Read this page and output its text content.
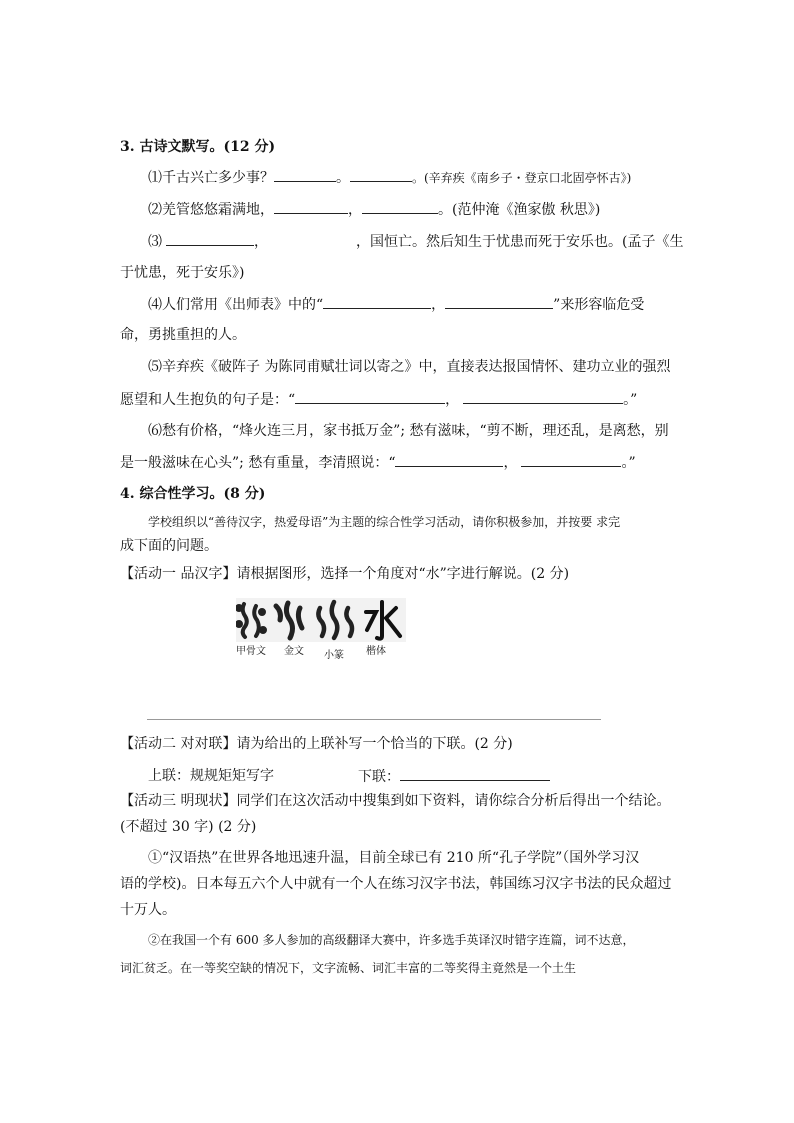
3. 古诗文默写。(12 分)
⑴千古兴亡多少事？	。	。(辛弃疾《南乡子・登京口北固亭怀古》)
⑵羌管悠悠霜满地，	，	。(范仲淹《渔家傲 秋思》)
⑶	，	，国恒亡。然后知生于忧患而死于安乐也。(孟子《生
于忧患，死于安乐》)
⑷人们常用《出师表》中的“	，	”来形容临危受
命，勇挑重担的人。
⑸辛弃疾《破阵子 为陈同甫赋壮词以寄之》中，直接表达报国情怀、建功立业的强烈
愿望和人生抱负的句子是：“	，	。”
⑹愁有价格，“烽火连三月，家书抵万金”; 愁有滋味，“剪不断，理还乱，是离愁，别
是一般滋味在心头”; 愁有重量，李清照说：“	，	。”
4. 综合性学习。(8 分)
学校组织以“善待汉字，热爱母语”为主题的综合性学习活动，请你积极参加，并按要 求完
成下面的问题。
【活动一 品汉字】请根据图形，选择一个角度对“水”字进行解说。(2 分)
甲骨文 金文 小篆 楷体
【活动二 对对联】请为给出的上联补写一个恰当的下联。(2 分)
上联：规规矩矩写字	下联：
【活动三 明现状】同学们在这次活动中搜集到如下资料，请你综合分析后得出一个结论。
(不超过 30 字) (2 分)
①“汉语热”在世界各地迅速升温，目前全球已有 210 所“孔子学院”（国外学习汉
语的学校)。日本每五六个人中就有一个人在练习汉字书法，韩国练习汉字书法的民众超过
十万人。
②在我国一个有 600 多人参加的高级翻译大赛中，许多选手英译汉时错字连篇，词不达意，
词汇贫乏。在一等奖空缺的情况下，文字流畅、词汇丰富的二等奖得主竟然是一个土生
